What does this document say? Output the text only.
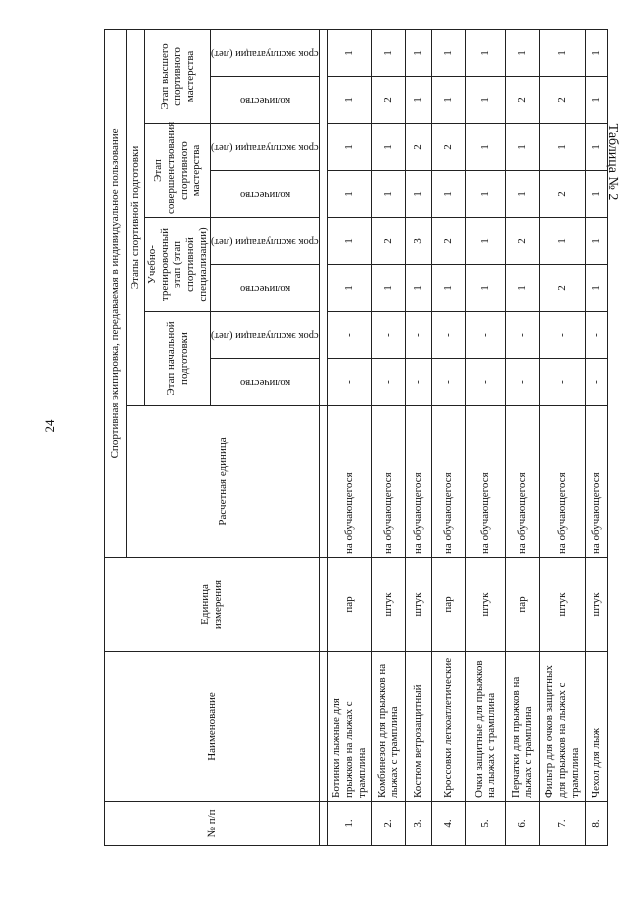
24
Таблица № 2
№ п/п	Наименование	Единица измерения	Спортивная экипировка, передаваемая в индивидуальное пользование								
			Расчетная единица	Этапы спортивной подготовки							
				Этап начальной подготовки		Учебно-тренировочный этап (этап спортивной специализации)		Этап совершенствования спортивного мастерства		Этап высшего спортивного мастерства	

				количество	срок эксплуатации (лет)	количество	срок эксплуатации (лет)	количество	срок эксплуатации (лет)	количество	срок эксплуатации (лет)

1.	Ботинки лыжные для прыжков на лыжах с трамплина	пар	на обучающегося	-	-	1	1	1	1	1	1
2.	Комбинезон для прыжков на лыжах с трамплина	штук	на обучающегося	-	-	1	2	1	1	2	1
3.	Костюм ветрозащитный	штук	на обучающегося	-	-	1	3	1	2	1	1
4.	Кроссовки легкоатлетические	пар	на обучающегося	-	-	1	2	1	2	1	1
5.	Очки защитные для прыжков на лыжах с трамплина	штук	на обучающегося	-	-	1	1	1	1	1	1
6.	Перчатки для прыжков на лыжах с трамплина	пар	на обучающегося	-	-	1	2	1	1	2	1
7.	Фильтр для очков защитных для прыжков на лыжах с трамплина	штук	на обучающегося	-	-	2	1	2	1	2	1
8.	Чехол для лыж	штук	на обучающегося	-	-	1	1	1	1	1	1
